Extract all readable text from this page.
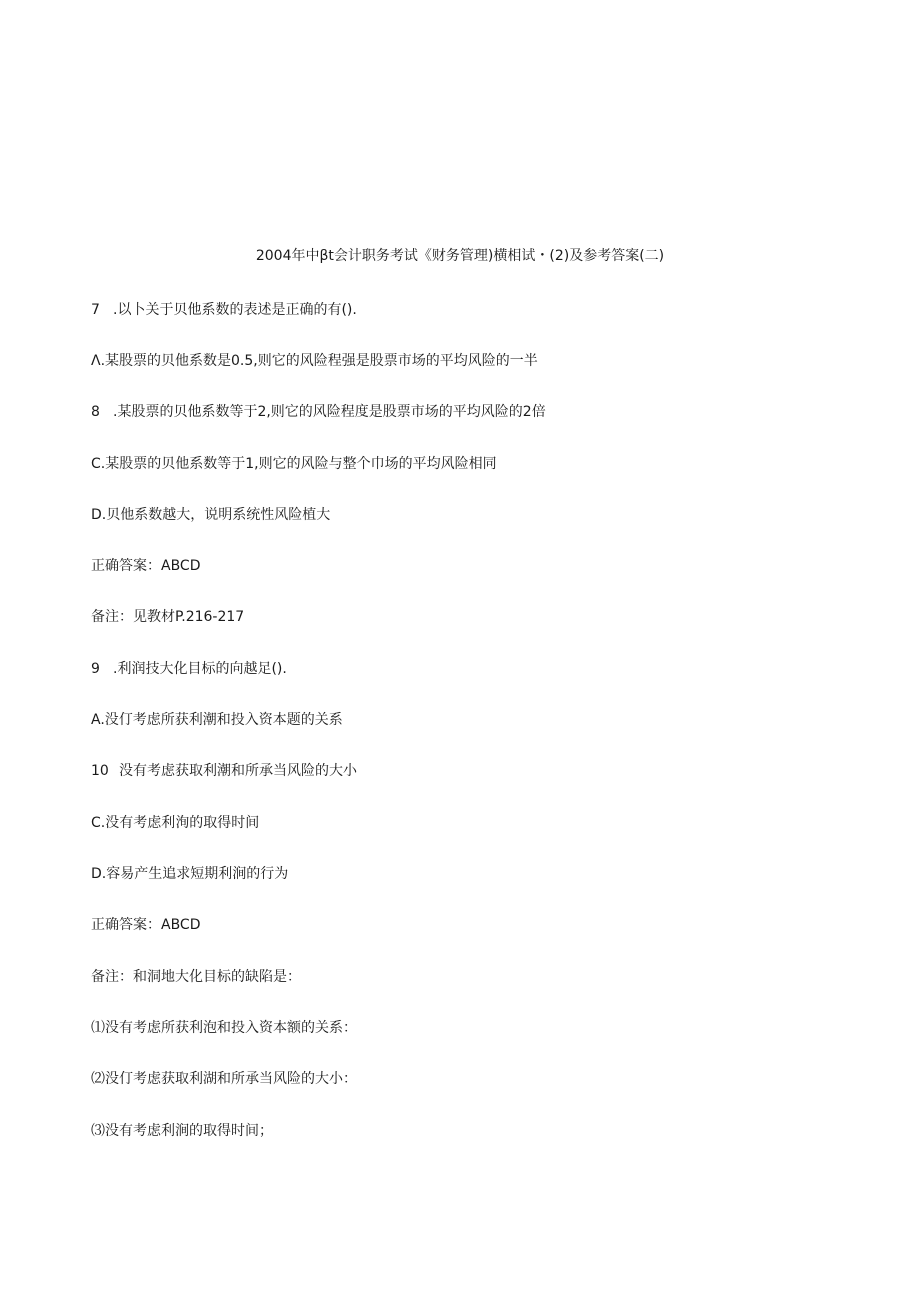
2004年中βt会计职务考试《财务管理)横相试・(2)及参考答案(二)
7 .以卜关于贝他系数的表述是正确的有().
Λ.某股票的贝他系数是0.5,则它的风险程强是股票市场的平均风险的一半
8 .某股票的贝他系数等于2,则它的风险程度是股票市场的平均风险的2倍
C.某股票的贝他系数等于1,则它的风险与整个巾场的平均风险相同
D.贝他系数越大，说明系统性风险植大
正确答案：ABCD
备注：见教材P.216-217
9 .利润技大化目标的向越足().
A.没仃考虑所获利潮和投入资本题的关系
10 没有考虑获取利潮和所承当风险的大小
C.没有考虑利洵的取得时间
D.容易产生追求短期利涧的行为
正确答案：ABCD
备注：和洞地大化目标的缺陷是：
⑴没有考虑所获利泡和投入资本额的关系：
⑵没仃考虑获取利湖和所承当风险的大小：
⑶没有考虑利涧的取得时间；
